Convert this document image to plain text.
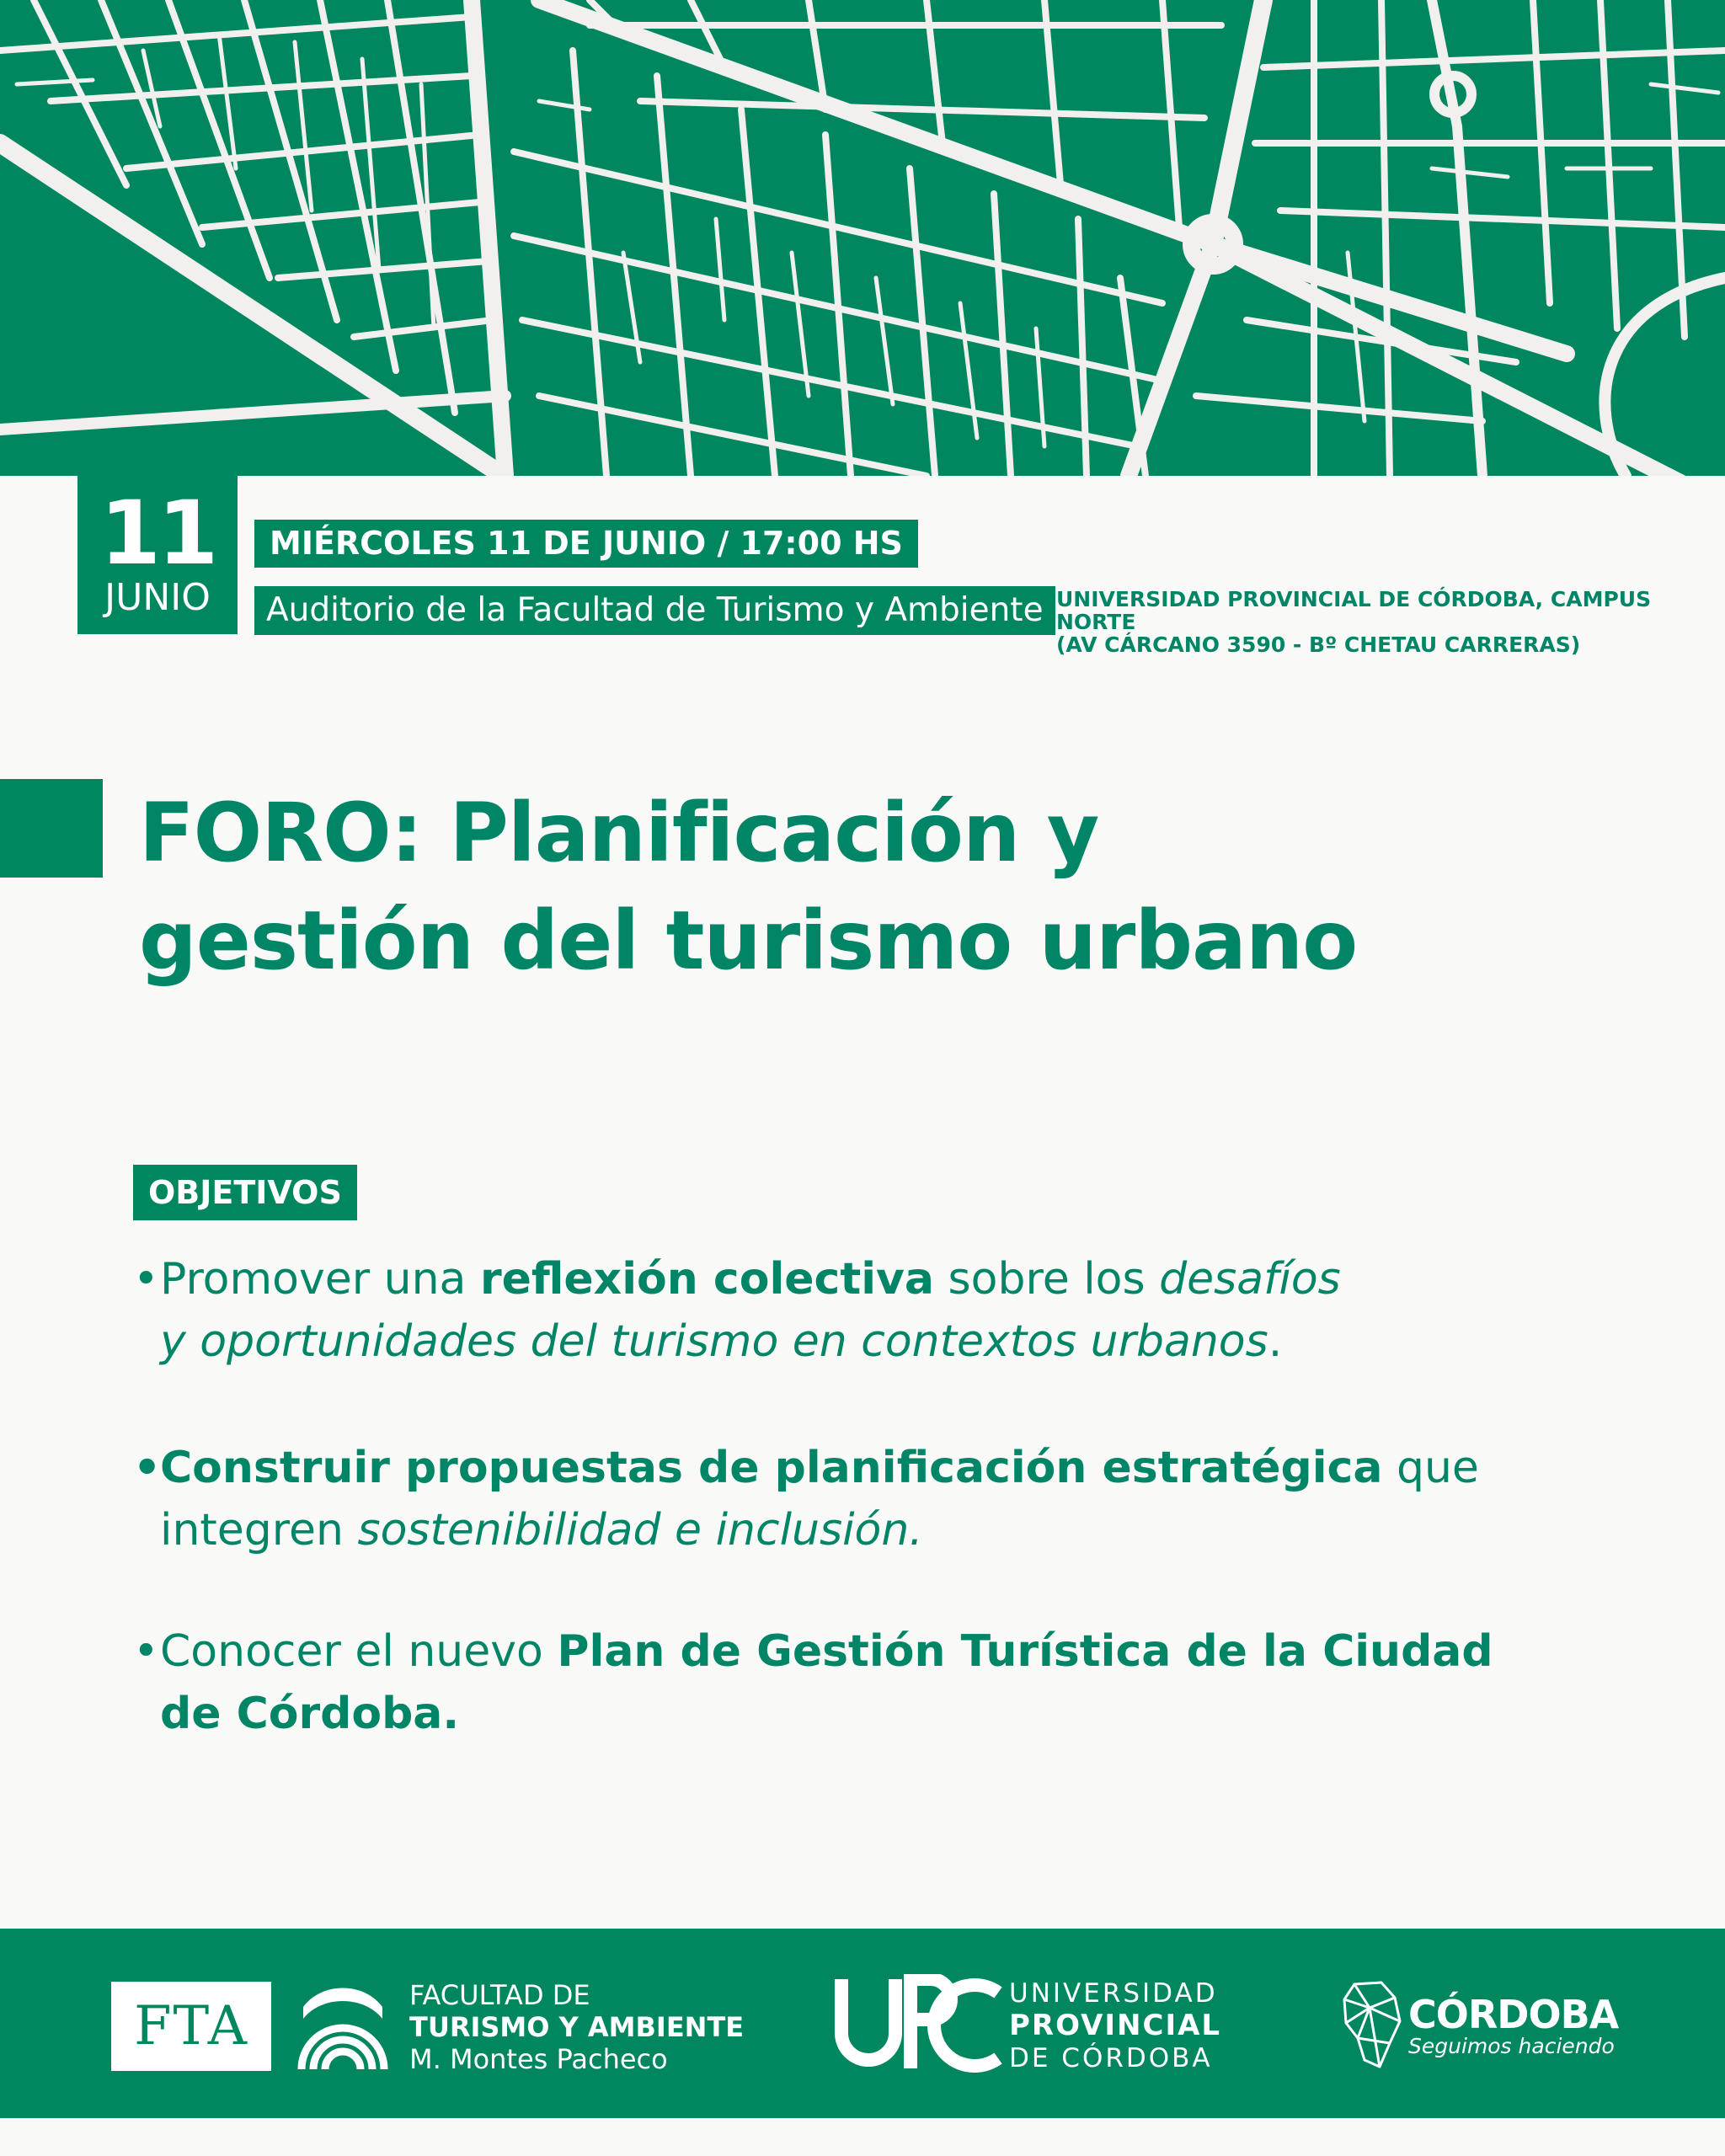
11
JUNIO
MIÉRCOLES 11 DE JUNIO / 17:00 HS
Auditorio de la Facultad de Turismo y Ambiente UNIVERSIDAD PROVINCIAL DE CÓRDOBA, CAMPUS NORTE
(AV CÁRCANO 3590 - Bº CHETAU CARRERAS)
FORO: Planificación y
gestión del turismo urbano
OBJETIVOS
• Promover una reflexión colectiva sobre los desafíos
y oportunidades del turismo en contextos urbanos.
•
Construir propuestas de planificación estratégica que
integren sostenibilidad e inclusión.
• Conocer el nuevo Plan de Gestión Turística de la Ciudad
de Córdoba.
FTA	FACULTAD DE
TURISMO Y AMBIENTE
M. Montes Pacheco
UNIVERSIDAD
PROVINCIAL
DE CÓRDOBA
CÓRDOBA
Seguimos haciendo
